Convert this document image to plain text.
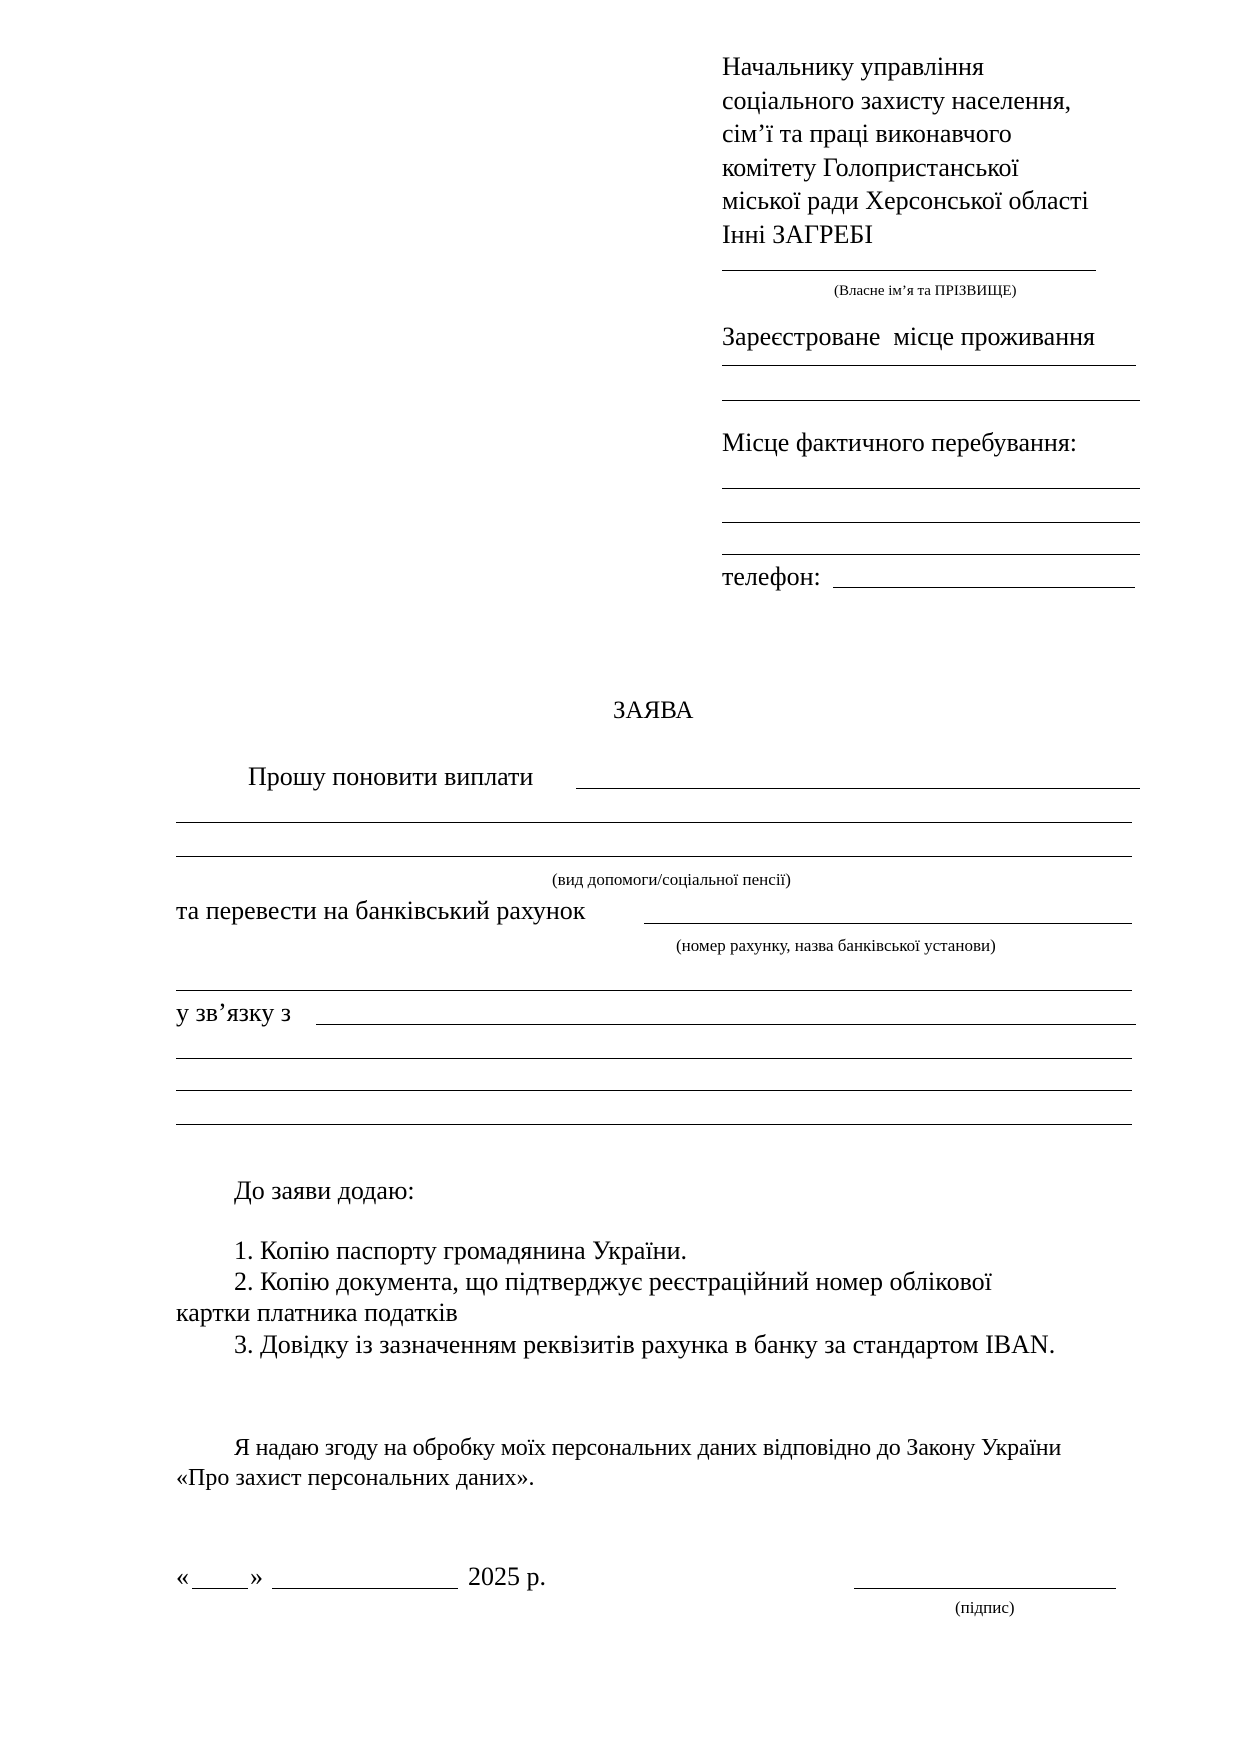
Начальнику управління
соціального захисту населення,
сім’ї та праці виконавчого
комітету Голопристанської
міської ради Херсонської області
Інні ЗАГРЕБІ
(Власне ім’я та ПРІЗВИЩЕ)
Зареєстроване  місце проживання
Місце фактичного перебування:
телефон:
ЗАЯВА
Прошу поновити виплати
(вид допомоги/соціальної пенсії)
та перевести на банківський рахунок
(номер рахунку, назва банківської установи)
у зв’язку з
До заяви додаю:
1. Копію паспорту громадянина України.
2. Копію документа, що підтверджує реєстраційний номер облікової
картки платника податків
3. Довідку із зазначенням реквізитів рахунка в банку за стандартом IBAN.
Я надаю згоду на обробку моїх персональних даних відповідно до Закону України
«Про захист персональних даних».
« »	2025 р.
(підпис)
